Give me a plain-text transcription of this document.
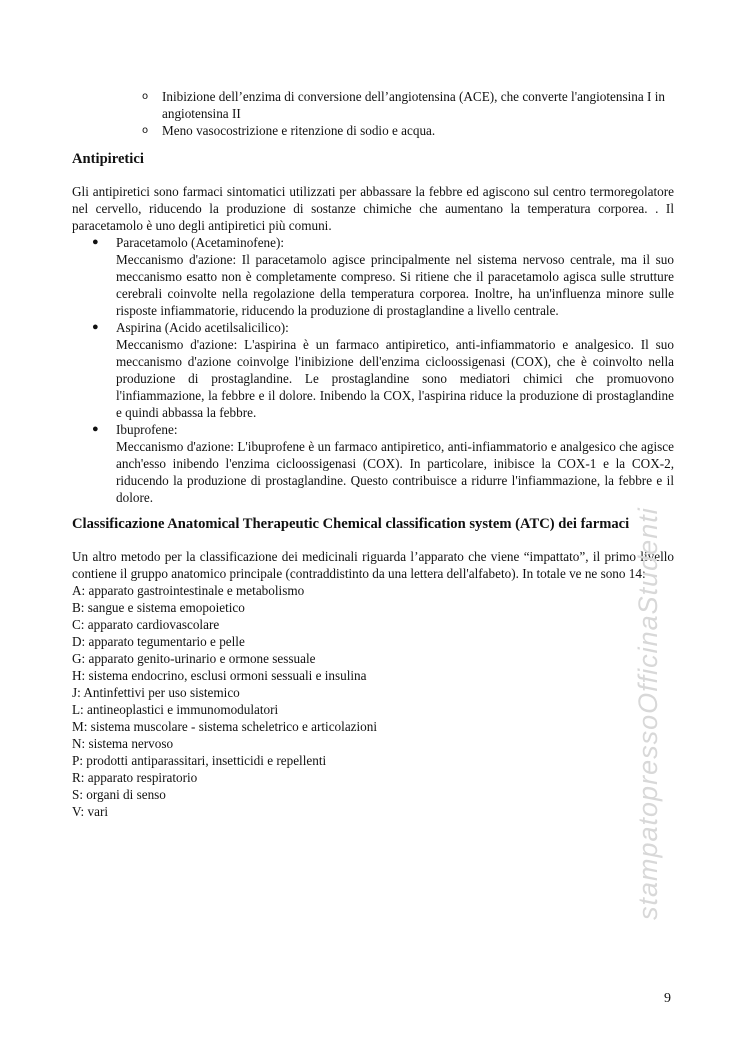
o Inibizione dell’enzima di conversione dell’angiotensina (ACE), che converte l'angiotensina I in angiotensina II
o Meno vasocostrizione e ritenzione di sodio e acqua.
Antipiretici

Gli antipiretici sono farmaci sintomatici utilizzati per abbassare la febbre ed agiscono sul centro termoregolatore nel cervello, riducendo la produzione di sostanze chimiche che aumentano la temperatura corporea. . Il paracetamolo è uno degli antipiretici più comuni.

● Paracetamolo (Acetaminofene):
Meccanismo d'azione: Il paracetamolo agisce principalmente nel sistema nervoso centrale, ma il suo meccanismo esatto non è completamente compreso. Si ritiene che il paracetamolo agisca sulle strutture cerebrali coinvolte nella regolazione della temperatura corporea. Inoltre, ha un'influenza minore sulle risposte infiammatorie, riducendo la produzione di prostaglandine a livello centrale.
● Aspirina (Acido acetilsalicilico):
Meccanismo d'azione: L'aspirina è un farmaco antipiretico, anti-infiammatorio e analgesico. Il suo meccanismo d'azione coinvolge l'inibizione dell'enzima cicloossigenasi (COX), che è coinvolto nella produzione di prostaglandine. Le prostaglandine sono mediatori chimici che promuovono l'infiammazione, la febbre e il dolore. Inibendo la COX, l'aspirina riduce la produzione di prostaglandine e quindi abbassa la febbre.
● Ibuprofene:
Meccanismo d'azione: L'ibuprofene è un farmaco antipiretico, anti-infiammatorio e analgesico che agisce anch'esso inibendo l'enzima cicloossigenasi (COX). In particolare, inibisce la COX-1 e la COX-2, riducendo la produzione di prostaglandine. Questo contribuisce a ridurre l'infiammazione, la febbre e il dolore.
Classificazione Anatomical Therapeutic Chemical classification system (ATC) dei farmaci

Un altro metodo per la classificazione dei medicinali riguarda l’apparato che viene “impattato”, il primo livello contiene il gruppo anatomico principale (contraddistinto da una lettera dell'alfabeto). In totale ve ne sono 14:

A: apparato gastrointestinale e metabolismo
B: sangue e sistema emopoietico
C: apparato cardiovascolare
D: apparato tegumentario e pelle
G: apparato genito-urinario e ormone sessuale
H: sistema endocrino, esclusi ormoni sessuali e insulina
J: Antinfettivi per uso sistemico
L: antineoplastici e immunomodulatori
M: sistema muscolare - sistema scheletrico e articolazioni
N: sistema nervoso
P: prodotti antiparassitari, insetticidi e repellenti
R: apparato respiratorio
S: organi di senso
V: vari	stampatopressoOfficinaStudenti
9
